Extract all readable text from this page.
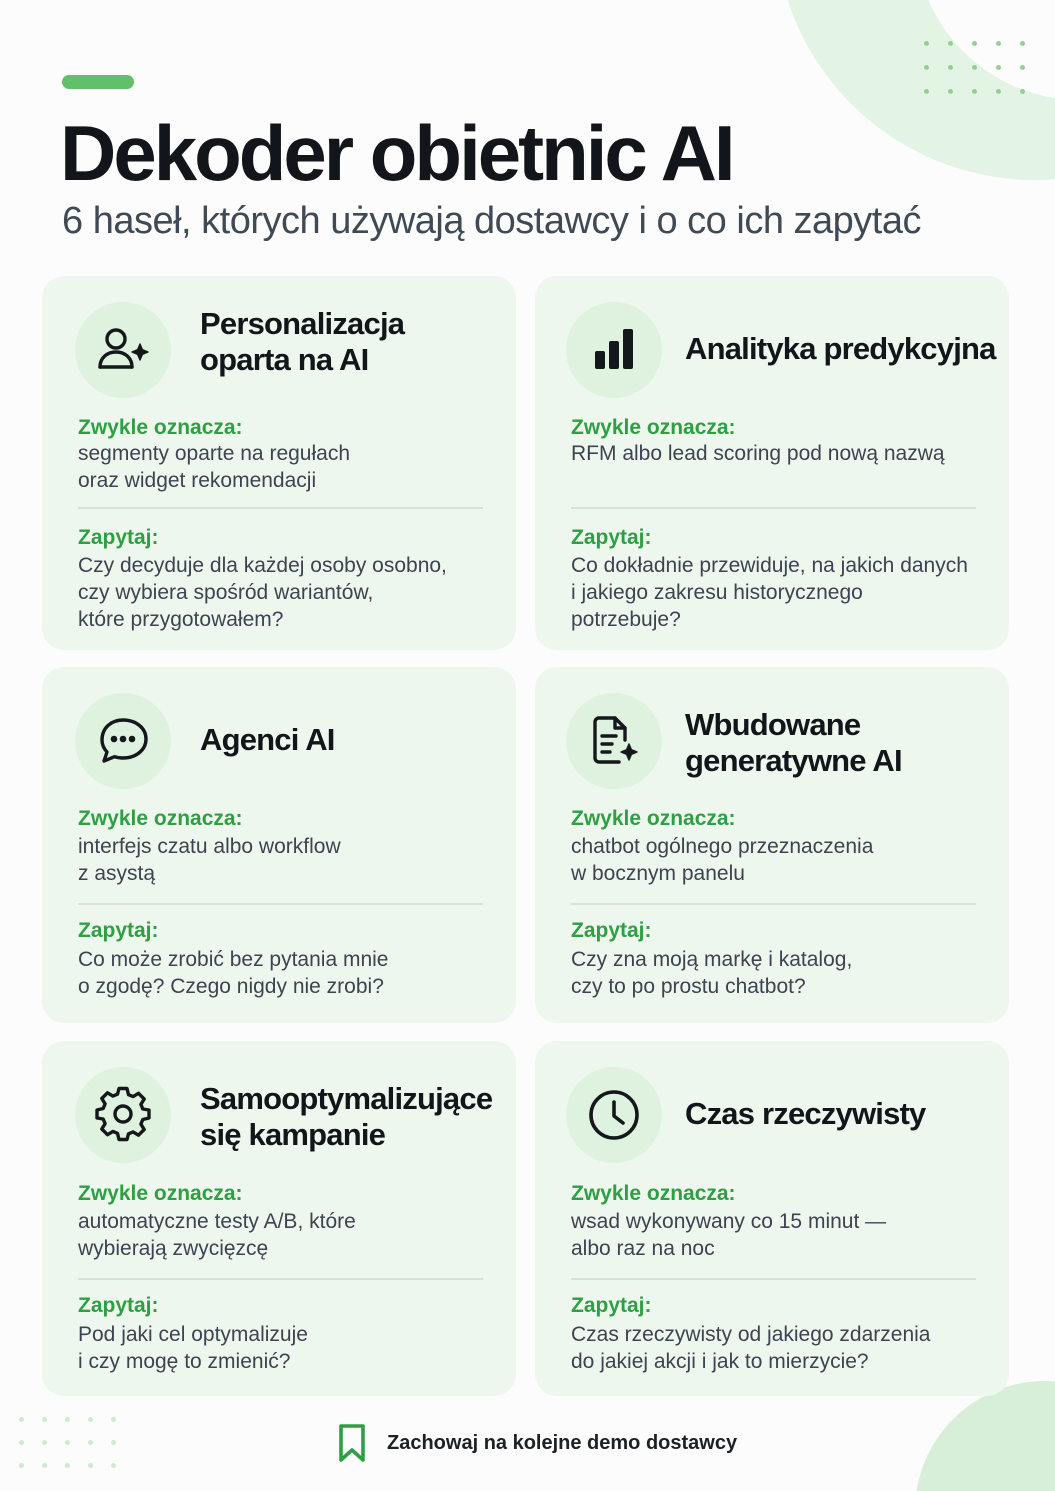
Dekoder obietnic AI
6 haseł, których używają dostawcy i o co ich zapytać
Personalizacja
oparta na AI
Zwykle oznacza:
segmenty oparte na regułach
oraz widget rekomendacji
Zapytaj:
Czy decyduje dla każdej osoby osobno,
czy wybiera spośród wariantów,
które przygotowałem?
Analityka predykcyjna
Zwykle oznacza:
RFM albo lead scoring pod nową nazwą
Zapytaj:
Co dokładnie przewiduje, na jakich danych
i jakiego zakresu historycznego
potrzebuje?
Agenci AI
Zwykle oznacza:
interfejs czatu albo workflow
z asystą
Zapytaj:
Co może zrobić bez pytania mnie
o zgodę? Czego nigdy nie zrobi?
Wbudowane
generatywne AI
Zwykle oznacza:
chatbot ogólnego przeznaczenia
w bocznym panelu
Zapytaj:
Czy zna moją markę i katalog,
czy to po prostu chatbot?
Samooptymalizujące
się kampanie
Zwykle oznacza:
automatyczne testy A/B, które
wybierają zwycięzcę
Zapytaj:
Pod jaki cel optymalizuje
i czy mogę to zmienić?
Czas rzeczywisty
Zwykle oznacza:
wsad wykonywany co 15 minut —
albo raz na noc
Zapytaj:
Czas rzeczywisty od jakiego zdarzenia
do jakiej akcji i jak to mierzycie?
Zachowaj na kolejne demo dostawcy
